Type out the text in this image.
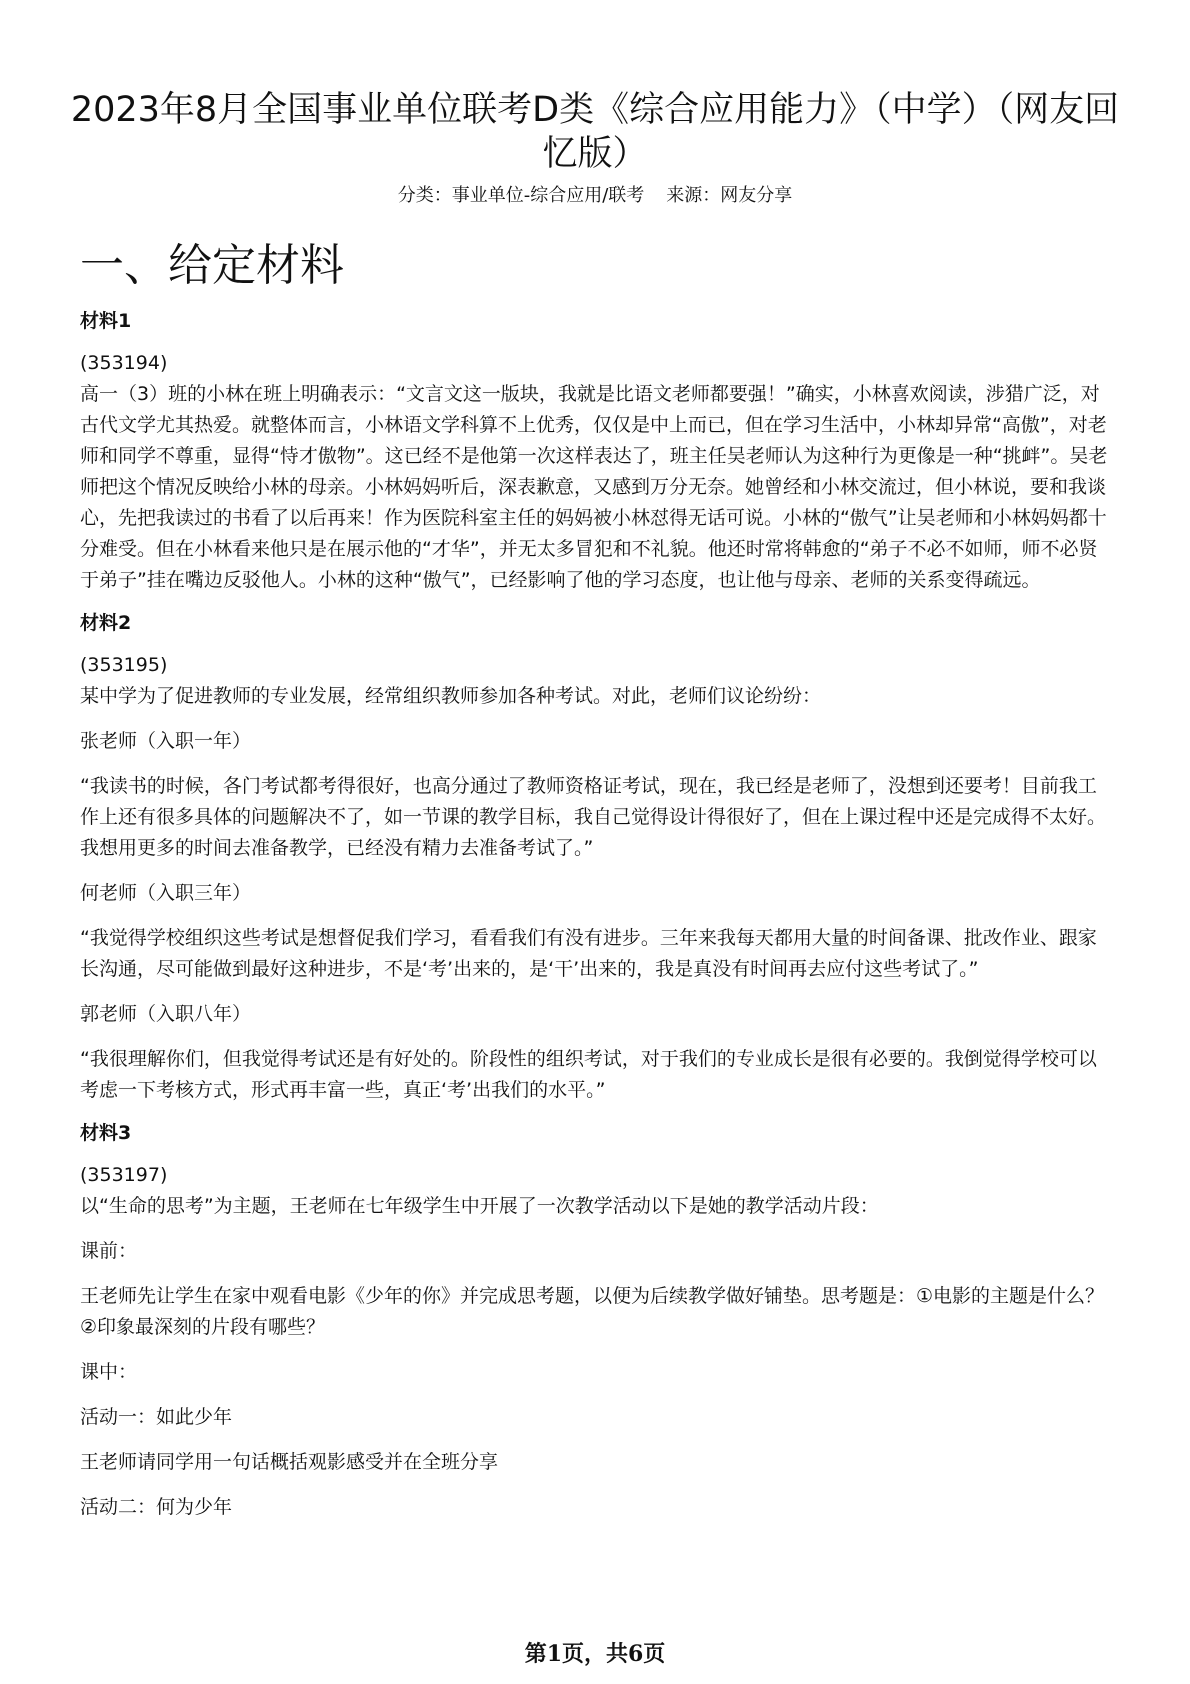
2023年8月全国事业单位联考D类《综合应用能力》（中学）（网友回忆版）
分类：事业单位-综合应用/联考 来源：网友分享
一、给定材料

材料1

(353194)

高一（3）班的小林在班上明确表示：“文言文这一版块，我就是比语文老师都要强！”确实，小林喜欢阅读，涉猎广泛，对古代文学尤其热爱。就整体而言，小林语文学科算不上优秀，仅仅是中上而已，但在学习生活中，小林却异常“高傲”，对老师和同学不尊重，显得“恃才傲物”。这已经不是他第一次这样表达了，班主任吴老师认为这种行为更像是一种“挑衅”。吴老师把这个情况反映给小林的母亲。小林妈妈听后，深表歉意，又感到万分无奈。她曾经和小林交流过，但小林说，要和我谈心，先把我读过的书看了以后再来！作为医院科室主任的妈妈被小林怼得无话可说。小林的“傲气”让吴老师和小林妈妈都十分难受。但在小林看来他只是在展示他的“才华”，并无太多冒犯和不礼貌。他还时常将韩愈的“弟子不必不如师，师不必贤于弟子”挂在嘴边反驳他人。小林的这种“傲气”，已经影响了他的学习态度，也让他与母亲、老师的关系变得疏远。

材料2

(353195)

某中学为了促进教师的专业发展，经常组织教师参加各种考试。对此，老师们议论纷纷：

张老师（入职一年）

“我读书的时候，各门考试都考得很好，也高分通过了教师资格证考试，现在，我已经是老师了，没想到还要考！目前我工作上还有很多具体的问题解决不了，如一节课的教学目标，我自己觉得设计得很好了，但在上课过程中还是完成得不太好。我想用更多的时间去准备教学，已经没有精力去准备考试了。”

何老师（入职三年）

“我觉得学校组织这些考试是想督促我们学习，看看我们有没有进步。三年来我每天都用大量的时间备课、批改作业、跟家长沟通，尽可能做到最好这种进步，不是‘考’出来的，是‘干’出来的，我是真没有时间再去应付这些考试了。”

郭老师（入职八年）

“我很理解你们，但我觉得考试还是有好处的。阶段性的组织考试，对于我们的专业成长是很有必要的。我倒觉得学校可以考虑一下考核方式，形式再丰富一些，真正‘考’出我们的水平。”

材料3

(353197)

以“生命的思考”为主题，王老师在七年级学生中开展了一次教学活动以下是她的教学活动片段：

课前：

王老师先让学生在家中观看电影《少年的你》并完成思考题，以便为后续教学做好铺垫。思考题是：①电影的主题是什么？②印象最深刻的片段有哪些？

课中：

活动一：如此少年

王老师请同学用一句话概括观影感受并在全班分享

活动二：何为少年

第1页，共6页
